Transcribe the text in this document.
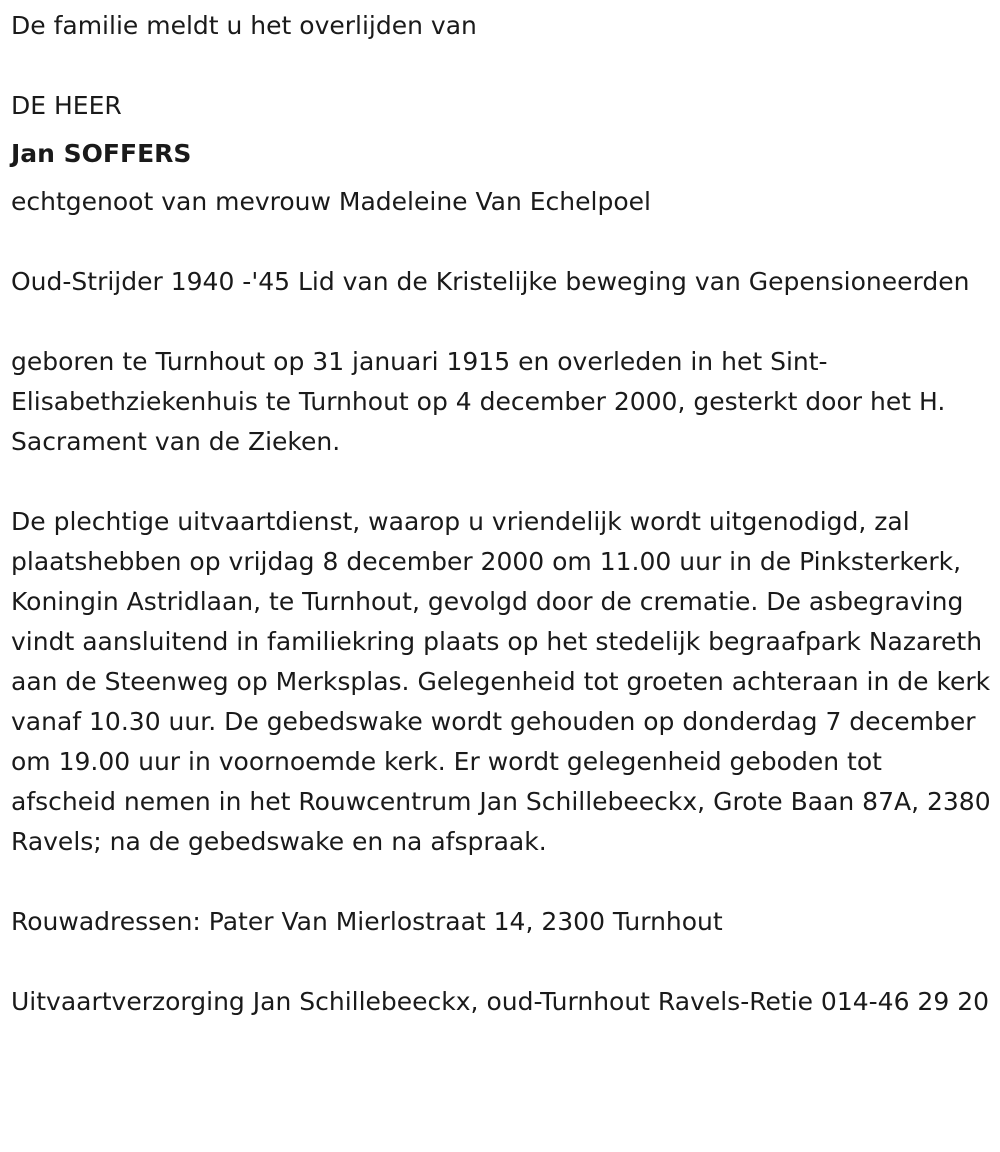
De familie meldt u het overlijden van

DE HEER

Jan SOFFERS

echtgenoot van mevrouw Madeleine Van Echelpoel

Oud-Strijder 1940 -'45 Lid van de Kristelijke beweging van Gepensioneerden

geboren te Turnhout op 31 januari 1915 en overleden in het Sint-Elisabethziekenhuis te Turnhout op 4 december 2000, gesterkt door het H. Sacrament van de Zieken.

De plechtige uitvaartdienst, waarop u vriendelijk wordt uitgenodigd, zal plaatshebben op vrijdag 8 december 2000 om 11.00 uur in de Pinksterkerk, Koningin Astridlaan, te Turnhout, gevolgd door de crematie. De asbegraving vindt aansluitend in familiekring plaats op het stedelijk begraafpark Nazareth aan de Steenweg op Merksplas. Gelegenheid tot groeten achteraan in de kerk vanaf 10.30 uur. De gebedswake wordt gehouden op donderdag 7 december om 19.00 uur in voornoemde kerk. Er wordt gelegenheid geboden tot afscheid nemen in het Rouwcentrum Jan Schillebeeckx, Grote Baan 87A, 2380 Ravels; na de gebedswake en na afspraak.

Rouwadressen: Pater Van Mierlostraat 14, 2300 Turnhout

Uitvaartverzorging Jan Schillebeeckx, oud-Turnhout Ravels-Retie 014-46 29 20
